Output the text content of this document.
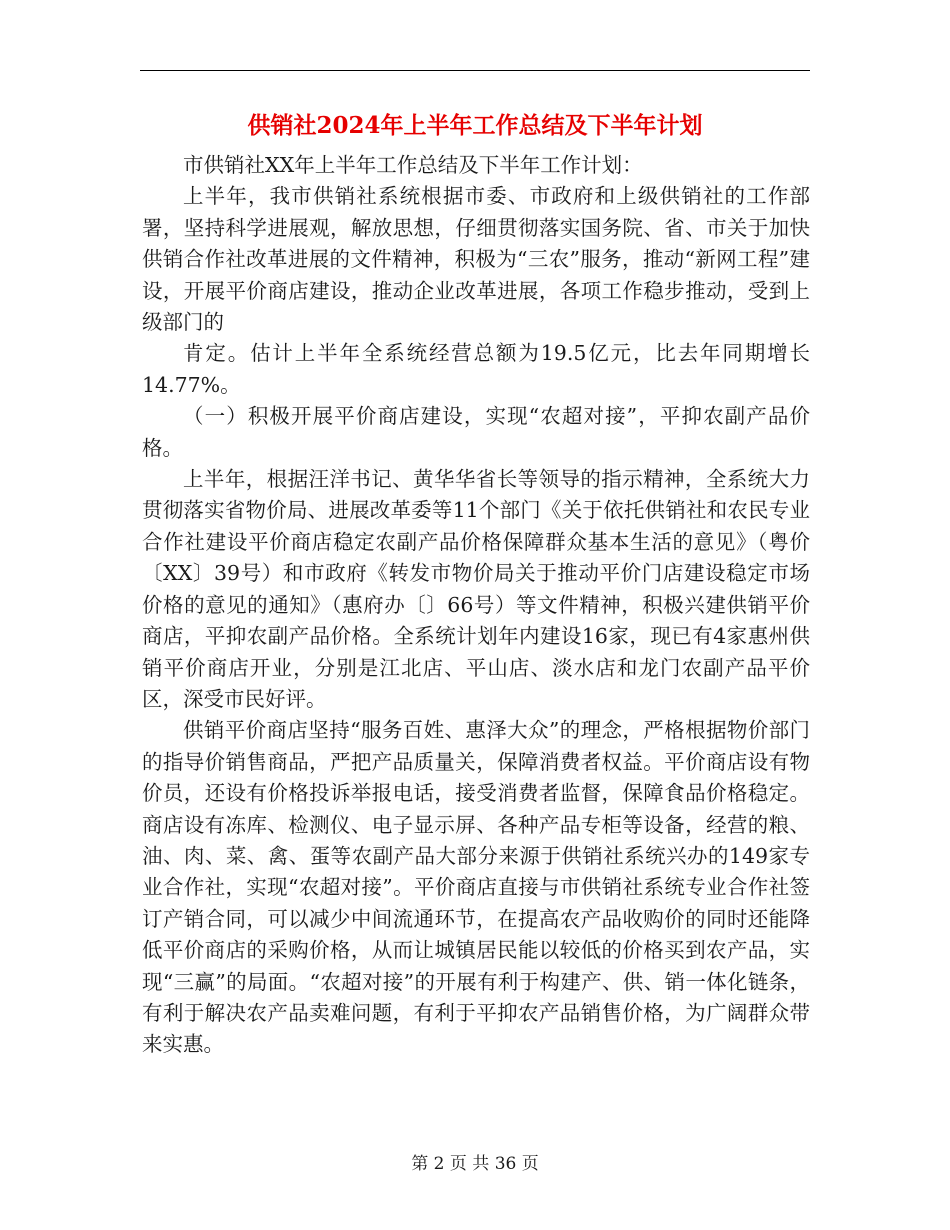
供销社2024年上半年工作总结及下半年计划

市供销社XX年上半年工作总结及下半年工作计划：

上半年，我市供销社系统根据市委、市政府和上级供销社的工作部署，坚持科学进展观，解放思想，仔细贯彻落实国务院、省、市关于加快供销合作社改革进展的文件精神，积极为“三农”服务，推动“新网工程”建设，开展平价商店建设，推动企业改革进展，各项工作稳步推动，受到上级部门的

肯定。估计上半年全系统经营总额为19.5亿元，比去年同期增长14.77%。

（一）积极开展平价商店建设，实现“农超对接”，平抑农副产品价格。

上半年，根据汪洋书记、黄华华省长等领导的指示精神，全系统大力贯彻落实省物价局、进展改革委等11个部门《关于依托供销社和农民专业合作社建设平价商店稳定农副产品价格保障群众基本生活的意见》（粤价〔XX〕39号）和市政府《转发市物价局关于推动平价门店建设稳定市场价格的意见的通知》（惠府办〔〕66号）等文件精神，积极兴建供销平价商店，平抑农副产品价格。全系统计划年内建设16家，现已有4家惠州供销平价商店开业，分别是江北店、平山店、淡水店和龙门农副产品平价区，深受市民好评。

供销平价商店坚持“服务百姓、惠泽大众”的理念，严格根据物价部门的指导价销售商品，严把产品质量关，保障消费者权益。平价商店设有物价员，还设有价格投诉举报电话，接受消费者监督，保障食品价格稳定。商店设有冻库、检测仪、电子显示屏、各种产品专柜等设备，经营的粮、油、肉、菜、禽、蛋等农副产品大部分来源于供销社系统兴办的149家专业合作社，实现“农超对接”。平价商店直接与市供销社系统专业合作社签订产销合同，可以减少中间流通环节，在提高农产品收购价的同时还能降低平价商店的采购价格，从而让城镇居民能以较低的价格买到农产品，实现“三赢”的局面。“农超对接”的开展有利于构建产、供、销一体化链条，有利于解决农产品卖难问题，有利于平抑农产品销售价格，为广阔群众带来实惠。

第 2 页 共 36 页
